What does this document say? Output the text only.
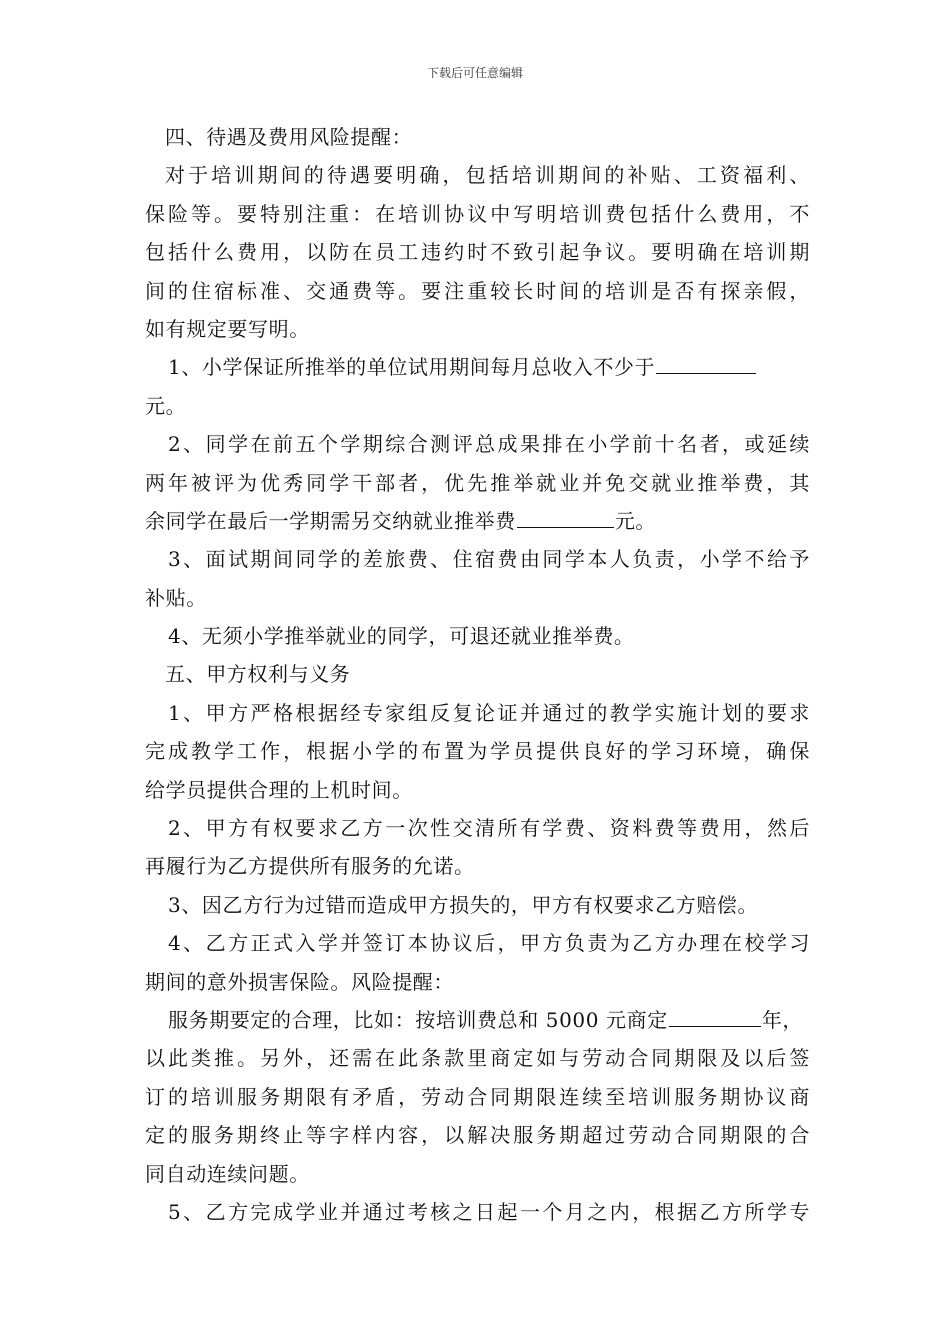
下载后可任意编辑
四、待遇及费用风险提醒：
对于培训期间的待遇要明确，包括培训期间的补贴、工资福利、
保险等。要特别注重：在培训协议中写明培训费包括什么费用，不
包括什么费用，以防在员工违约时不致引起争议。要明确在培训期
间的住宿标准、交通费等。要注重较长时间的培训是否有探亲假，
如有规定要写明。
1、小学保证所推举的单位试用期间每月总收入不少于
元。
2、同学在前五个学期综合测评总成果排在小学前十名者，或延续
两年被评为优秀同学干部者，优先推举就业并免交就业推举费，其
余同学在最后一学期需另交纳就业推举费	元。
3、面试期间同学的差旅费、住宿费由同学本人负责，小学不给予
补贴。
4、无须小学推举就业的同学，可退还就业推举费。
五、甲方权利与义务
1、甲方严格根据经专家组反复论证并通过的教学实施计划的要求
完成教学工作，根据小学的布置为学员提供良好的学习环境，确保
给学员提供合理的上机时间。
2、甲方有权要求乙方一次性交清所有学费、资料费等费用，然后
再履行为乙方提供所有服务的允诺。
3、因乙方行为过错而造成甲方损失的，甲方有权要求乙方赔偿。
4、乙方正式入学并签订本协议后，甲方负责为乙方办理在校学习
期间的意外损害保险。风险提醒：
服务期要定的合理，比如：按培训费总和 5000 元商定	年，
以此类推。另外，还需在此条款里商定如与劳动合同期限及以后签
订的培训服务期限有矛盾，劳动合同期限连续至培训服务期协议商
定的服务期终止等字样内容，以解决服务期超过劳动合同期限的合
同自动连续问题。
5、乙方完成学业并通过考核之日起一个月之内，根据乙方所学专
